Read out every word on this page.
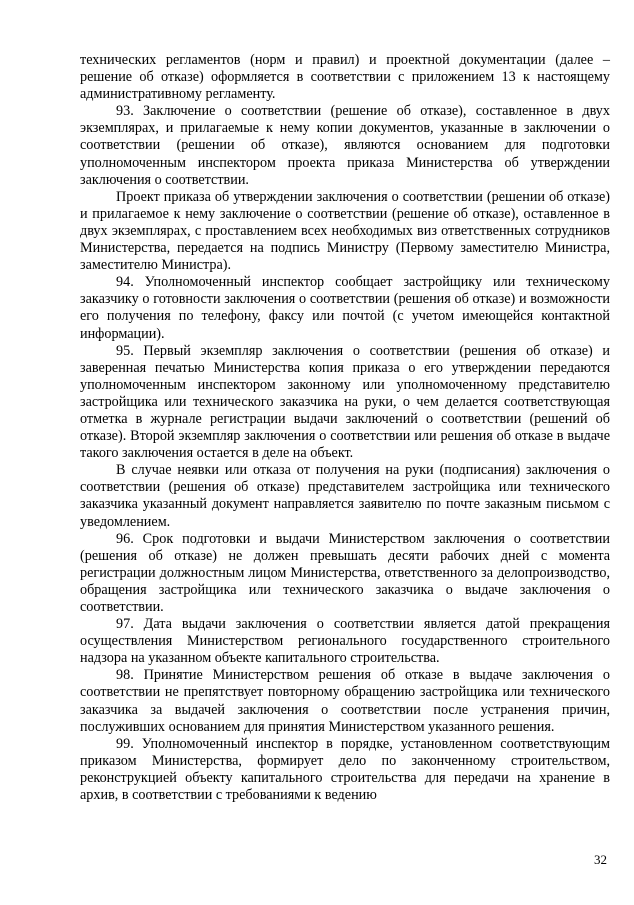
технических регламентов (норм и правил) и проектной документации (далее – решение об отказе) оформляется в соответствии с приложением 13 к настоящему административному регламенту.

93. Заключение о соответствии (решение об отказе), составленное в двух экземплярах, и прилагаемые к нему копии документов, указанные в заключении о соответствии (решении об отказе), являются основанием для подготовки уполномоченным инспектором проекта приказа Министерства об утверждении заключения о соответствии.

Проект приказа об утверждении заключения о соответствии (решении об отказе) и прилагаемое к нему заключение о соответствии (решение об отказе), оставленное в двух экземплярах, с проставлением всех необходимых виз ответственных сотрудников Министерства, передается на подпись Министру (Первому заместителю Министра, заместителю Министра).

94. Уполномоченный инспектор сообщает застройщику или техническому заказчику о готовности заключения о соответствии (решения об отказе) и возможности его получения по телефону, факсу или почтой (с учетом имеющейся контактной информации).

95. Первый экземпляр заключения о соответствии (решения об отказе) и заверенная печатью Министерства копия приказа о его утверждении передаются уполномоченным инспектором законному или уполномоченному представителю застройщика или технического заказчика на руки, о чем делается соответствующая отметка в журнале регистрации выдачи заключений о соответствии (решений об отказе). Второй экземпляр заключения о соответствии или решения об отказе в выдаче такого заключения остается в деле на объект.

В случае неявки или отказа от получения на руки (подписания) заключения о соответствии (решения об отказе) представителем застройщика или технического заказчика указанный документ направляется заявителю по почте заказным письмом с уведомлением.

96. Срок подготовки и выдачи Министерством заключения о соответствии (решения об отказе) не должен превышать десяти рабочих дней с момента регистрации должностным лицом Министерства, ответственного за делопроизводство, обращения застройщика или технического заказчика о выдаче заключения о соответствии.

97. Дата выдачи заключения о соответствии является датой прекращения осуществления Министерством регионального государственного строительного надзора на указанном объекте капитального строительства.

98. Принятие Министерством решения об отказе в выдаче заключения о соответствии не препятствует повторному обращению застройщика или технического заказчика за выдачей заключения о соответствии после устранения причин, послуживших основанием для принятия Министерством указанного решения.

99. Уполномоченный инспектор в порядке, установленном соответствующим приказом Министерства, формирует дело по законченному строительством, реконструкцией объекту капитального строительства для передачи на хранение в архив, в соответствии с требованиями к ведению

32
